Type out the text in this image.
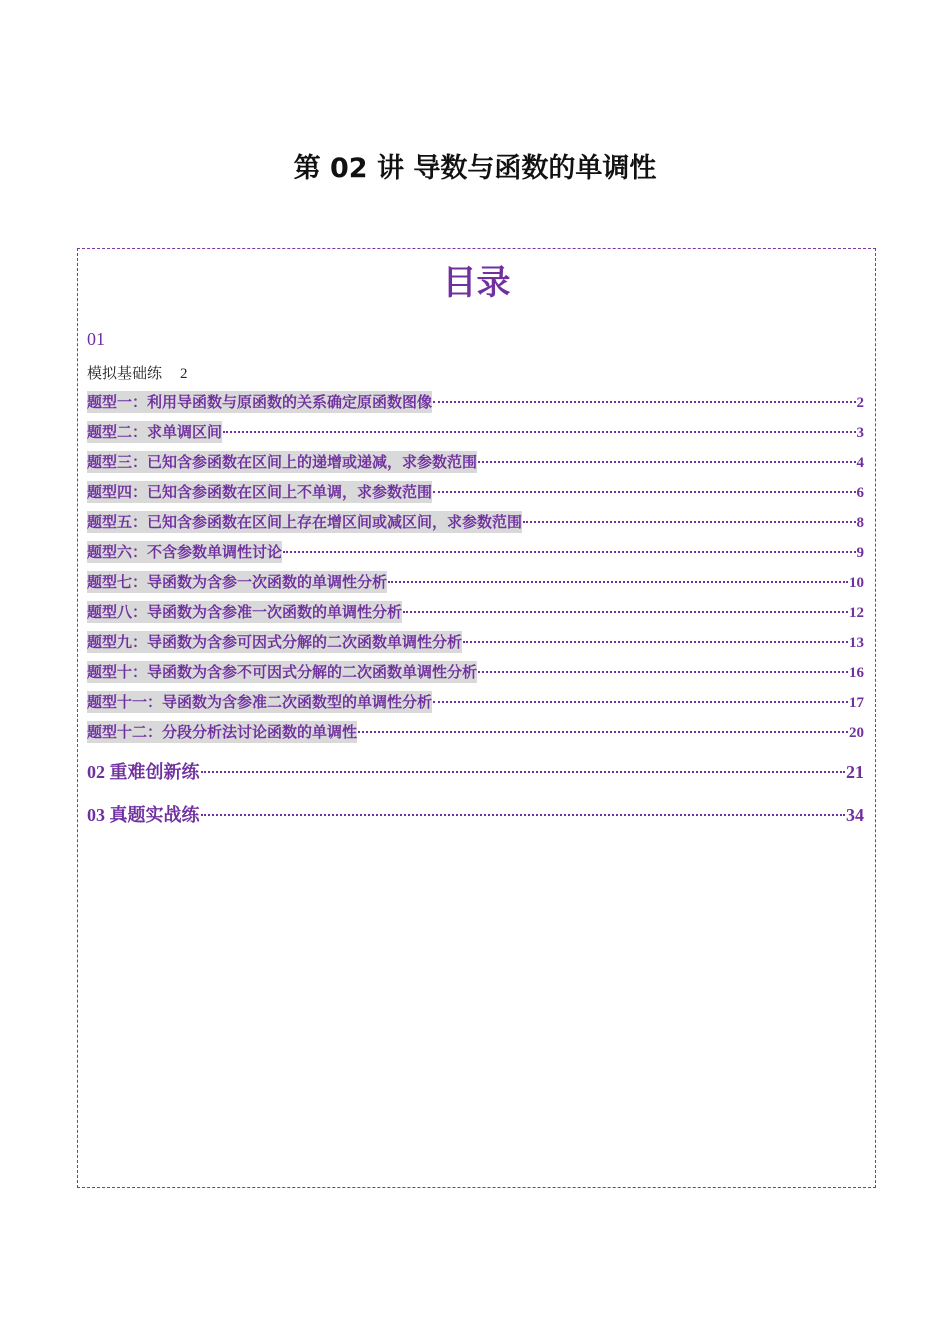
第 02 讲 导数与函数的单调性
目录
01
模拟基础练 2
题型一：利用导函数与原函数的关系确定原函数图像	2
题型二：求单调区间	3
题型三：已知含参函数在区间上的递增或递减，求参数范围	4
题型四：已知含参函数在区间上不单调，求参数范围	6
题型五：已知含参函数在区间上存在增区间或减区间，求参数范围	8
题型六：不含参数单调性讨论	9
题型七：导函数为含参一次函数的单调性分析	10
题型八：导函数为含参准一次函数的单调性分析	12
题型九：导函数为含参可因式分解的二次函数单调性分析	13
题型十：导函数为含参不可因式分解的二次函数单调性分析	16
题型十一：导函数为含参准二次函数型的单调性分析	17
题型十二：分段分析法讨论函数的单调性	20
02 重难创新练	21
03 真题实战练	34
